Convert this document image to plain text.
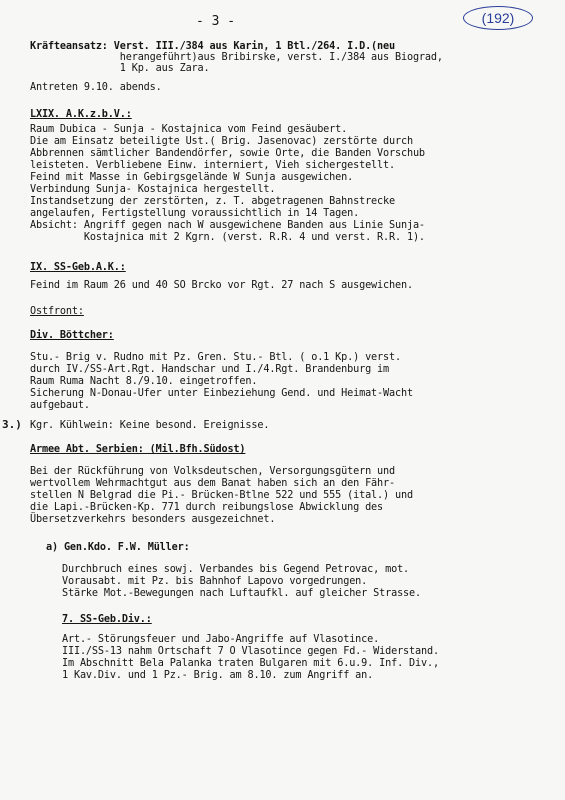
- 3 -	(192)
3.)
Kräfteansatz: Verst. III./384 aus Karin, 1 Btl./264. I.D.(neu
herangeführt)aus Bribirske, verst. I./384 aus Biograd,
1 Kp. aus Zara.
Antreten 9.10. abends.
LXIX. A.K.z.b.V.:
Raum Dubica - Sunja - Kostajnica vom Feind gesäubert.
Die am Einsatz beteiligte Ust.( Brig. Jasenovac) zerstörte durch
Abbrennen sämtlicher Bandendörfer, sowie Orte, die Banden Vorschub
leisteten. Verbliebene Einw. interniert, Vieh sichergestellt.
Feind mit Masse in Gebirgsgelände W Sunja ausgewichen.
Verbindung Sunja- Kostajnica hergestellt.
Instandsetzung der zerstörten, z. T. abgetragenen Bahnstrecke
angelaufen, Fertigstellung voraussichtlich in 14 Tagen.
Absicht: Angriff gegen nach W ausgewichene Banden aus Linie Sunja-
Kostajnica mit 2 Kgrn. (verst. R.R. 4 und verst. R.R. 1).
IX. SS-Geb.A.K.:
Feind im Raum 26 und 40 SO Brcko vor Rgt. 27 nach S ausgewichen.
Ostfront:
Div. Böttcher:
Stu.- Brig v. Rudno mit Pz. Gren. Stu.- Btl. ( o.1 Kp.) verst.
durch IV./SS-Art.Rgt. Handschar und I./4.Rgt. Brandenburg im
Raum Ruma Nacht 8./9.10. eingetroffen.
Sicherung N-Donau-Ufer unter Einbeziehung Gend. und Heimat-Wacht
aufgebaut.
Kgr. Kühlwein: Keine besond. Ereignisse.
Armee Abt. Serbien: (Mil.Bfh.Südost)
Bei der Rückführung von Volksdeutschen, Versorgungsgütern und
wertvollem Wehrmachtgut aus dem Banat haben sich an den Fähr-
stellen N Belgrad die Pi.- Brücken-Btlne 522 und 555 (ital.) und
die Lapi.-Brücken-Kp. 771 durch reibungslose Abwicklung des
Übersetzverkehrs besonders ausgezeichnet.
a) Gen.Kdo. F.W. Müller:
Durchbruch eines sowj. Verbandes bis Gegend Petrovac, mot.
Vorausabt. mit Pz. bis Bahnhof Lapovo vorgedrungen.
Stärke Mot.-Bewegungen nach Luftaufkl. auf gleicher Strasse.
7. SS-Geb.Div.:
Art.- Störungsfeuer und Jabo-Angriffe auf Vlasotince.
III./SS-13 nahm Ortschaft 7 O Vlasotince gegen Fd.- Widerstand.
Im Abschnitt Bela Palanka traten Bulgaren mit 6.u.9. Inf. Div.,
1 Kav.Div. und 1 Pz.- Brig. am 8.10. zum Angriff an.
